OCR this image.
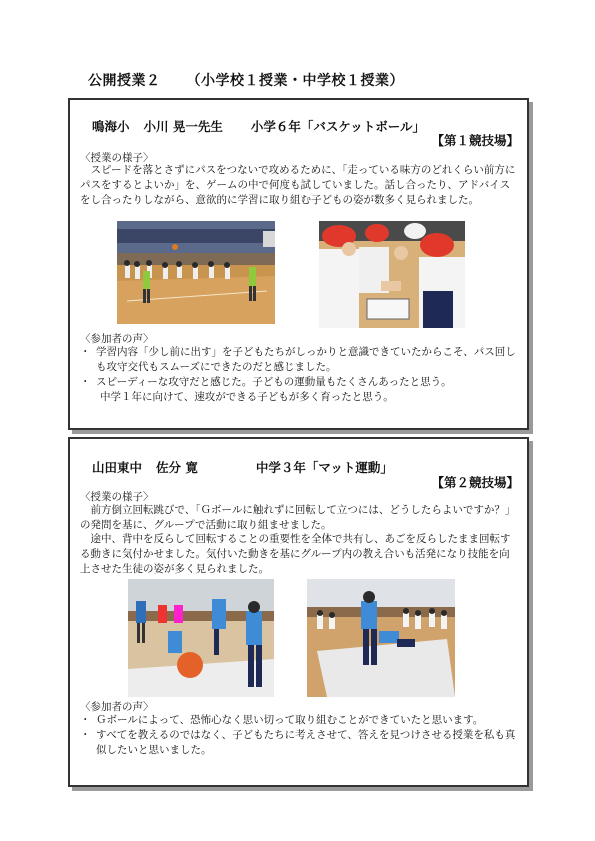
公開授業２ （小学校１授業・中学校１授業）
鳴海小 小川 晃一先生 小学６年「バスケットボール」
【第１競技場】
〈授業の様子〉
スピードを落とさずにパスをつないで攻めるために、「走っている味方のどれくらい前方にパスをするとよいか」を、ゲームの中で何度も試していました。話し合ったり、アドバイスをし合ったりしながら、意欲的に学習に取り組む子どもの姿が数多く見られました。
〈参加者の声〉
・ 学習内容「少し前に出す」を子どもたちがしっかりと意識できていたからこそ、パス回しも攻守交代もスムーズにできたのだと感じました。
・ スピーディーな攻守だと感じた。子どもの運動量もたくさんあったと思う。
中学１年に向けて、速攻ができる子どもが多く育ったと思う。
山田東中 佐分 寛	中学３年「マット運動」
【第２競技場】
〈授業の様子〉
前方倒立回転跳びで、「Ｇボールに触れずに回転して立つには、どうしたらよいですか？」の発問を基に、グループで活動に取り組ませました。
途中、背中を反らして回転することの重要性を全体で共有し、あごを反らしたまま回転する動きに気付かせました。気付いた動きを基にグループ内の教え合いも活発になり技能を向上させた生徒の姿が多く見られました。
〈参加者の声〉
・ Ｇボールによって、恐怖心なく思い切って取り組むことができていたと思います。
・ すべてを教えるのではなく、子どもたちに考えさせて、答えを見つけさせる授業を私も真似したいと思いました。
